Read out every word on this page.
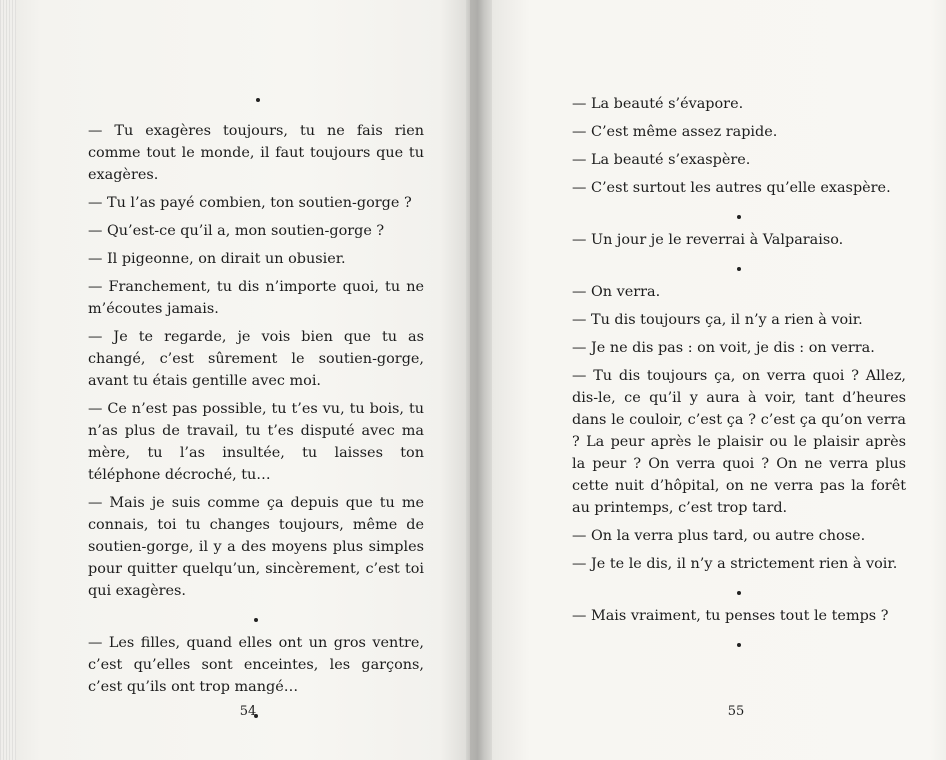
— Tu exagères toujours, tu ne fais rien comme tout le monde, il faut toujours que tu exagères.

— Tu l’as payé combien, ton soutien-gorge ?

— Qu’est-ce qu’il a, mon soutien-gorge ?

— Il pigeonne, on dirait un obusier.

— Franchement, tu dis n’importe quoi, tu ne m’écoutes jamais.

— Je te regarde, je vois bien que tu as changé, c’est sûrement le soutien-gorge, avant tu étais gentille avec moi.

— Ce n’est pas possible, tu t’es vu, tu bois, tu n’as plus de travail, tu t’es disputé avec ma mère, tu l’as insultée, tu laisses ton téléphone décroché, tu…

— Mais je suis comme ça depuis que tu me connais, toi tu changes toujours, même de soutien-gorge, il y a des moyens plus simples pour quitter quelqu’un, sincèrement, c’est toi qui exagères.

— Les filles, quand elles ont un gros ventre, c’est qu’elles sont enceintes, les garçons, c’est qu’ils ont trop mangé…

54

— La beauté s’évapore.

— C’est même assez rapide.

— La beauté s’exaspère.

— C’est surtout les autres qu’elle exaspère.

— Un jour je le reverrai à Valparaiso.

— On verra.

— Tu dis toujours ça, il n’y a rien à voir.

— Je ne dis pas : on voit, je dis : on verra.

— Tu dis toujours ça, on verra quoi ? Allez, dis-le, ce qu’il y aura à voir, tant d’heures dans le couloir, c’est ça ? c’est ça qu’on verra ? La peur après le plaisir ou le plaisir après la peur ? On verra quoi ? On ne verra plus cette nuit d’hôpital, on ne verra pas la forêt au printemps, c’est trop tard.

— On la verra plus tard, ou autre chose.

— Je te le dis, il n’y a strictement rien à voir.

— Mais vraiment, tu penses tout le temps ?

55
